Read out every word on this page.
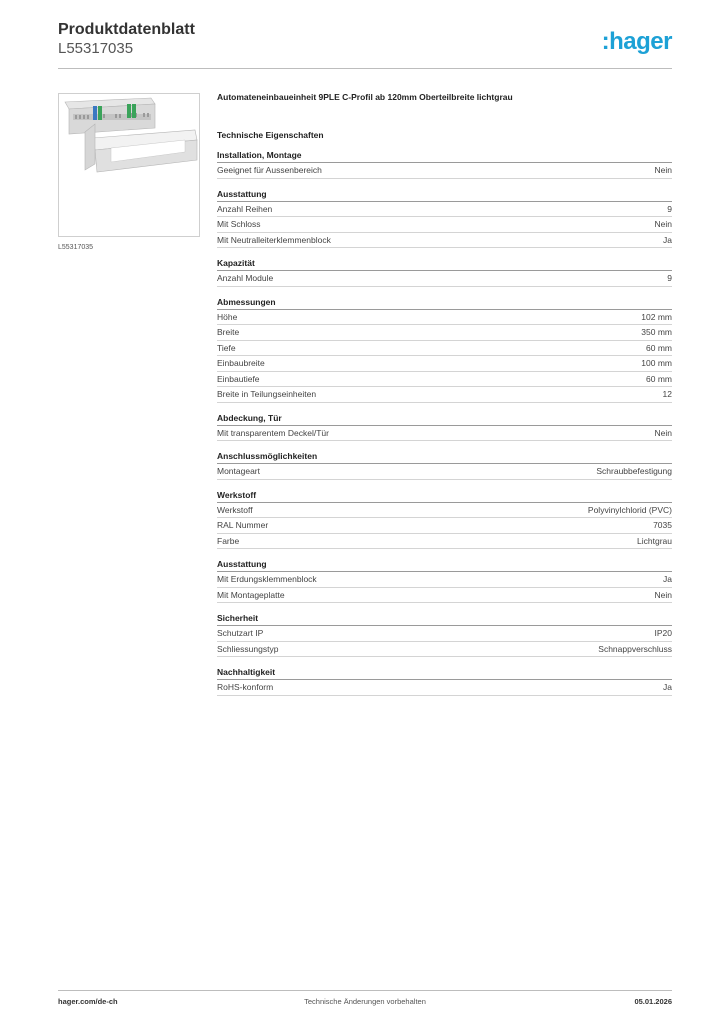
Produktdatenblatt
L55317035	:hager
L55317035
Automateneinbaueinheit 9PLE C-Profil ab 120mm Oberteilbreite lichtgrau
Technische Eigenschaften
Installation, Montage
Geeignet für Aussenbereich	Nein
Ausstattung
Anzahl Reihen	9
Mit Schloss	Nein
Mit Neutralleiterklemmenblock	Ja
Kapazität
Anzahl Module	9
Abmessungen
Höhe	102 mm
Breite	350 mm
Tiefe	60 mm
Einbaubreite	100 mm
Einbautiefe	60 mm
Breite in Teilungseinheiten	12
Abdeckung, Tür
Mit transparentem Deckel/Tür	Nein
Anschlussmöglichkeiten
Montageart	Schraubbefestigung
Werkstoff
Werkstoff	Polyvinylchlorid (PVC)
RAL Nummer	7035
Farbe	Lichtgrau
Ausstattung
Mit Erdungsklemmenblock	Ja
Mit Montageplatte	Nein
Sicherheit
Schutzart IP	IP20
Schliessungstyp	Schnappverschluss
Nachhaltigkeit
RoHS-konform	Ja
hager.com/de-ch	Technische Änderungen vorbehalten	05.01.2026
